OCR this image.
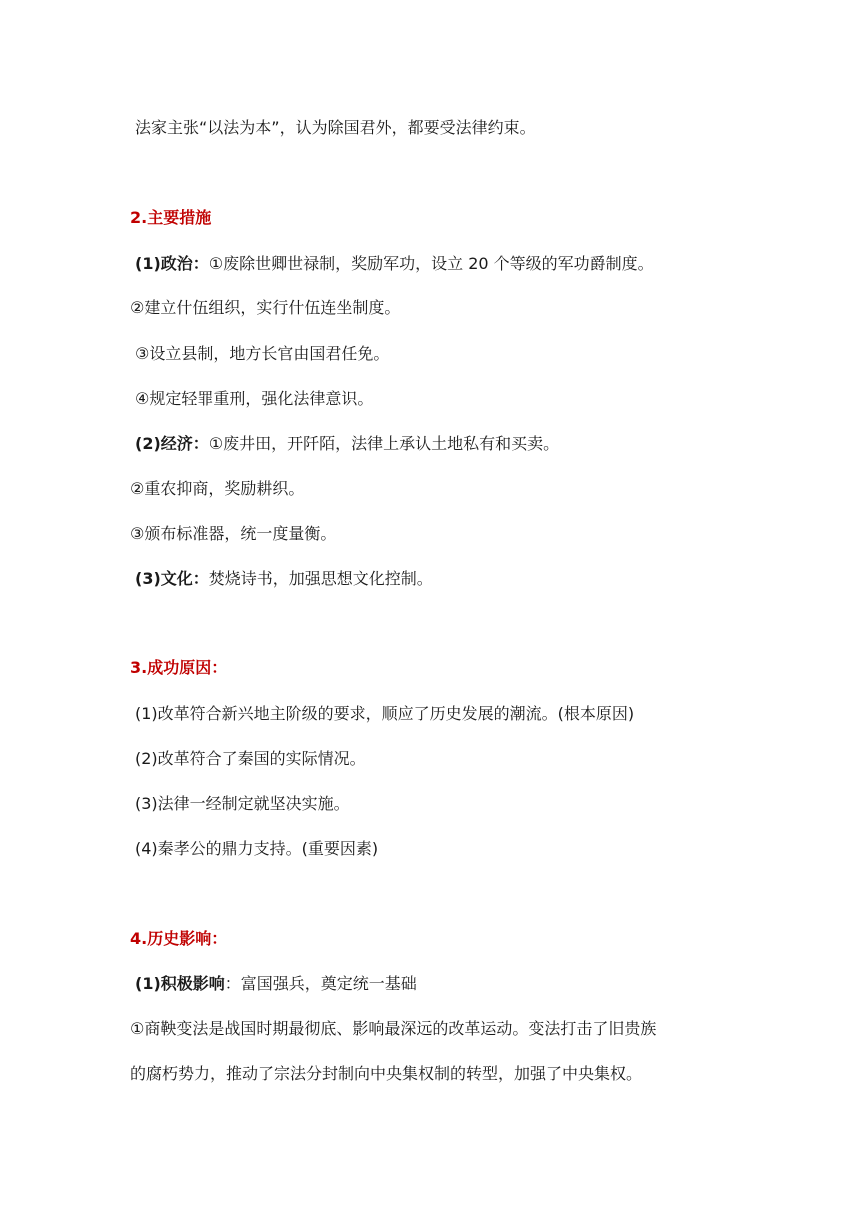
法家主张“以法为本”，认为除国君外，都要受法律约束。
2.主要措施
(1)政治：①废除世卿世禄制，奖励军功，设立 20 个等级的军功爵制度。
②建立什伍组织，实行什伍连坐制度。
③设立县制，地方长官由国君任免。
④规定轻罪重刑，强化法律意识。
(2)经济：①废井田，开阡陌，法律上承认土地私有和买卖。
②重农抑商，奖励耕织。
③颁布标准器，统一度量衡。
(3)文化：焚烧诗书，加强思想文化控制。
3.成功原因：
(1)改革符合新兴地主阶级的要求，顺应了历史发展的潮流。(根本原因)
(2)改革符合了秦国的实际情况。
(3)法律一经制定就坚决实施。
(4)秦孝公的鼎力支持。(重要因素)
4.历史影响：
(1)积极影响：富国强兵，奠定统一基础
①商鞅变法是战国时期最彻底、影响最深远的改革运动。变法打击了旧贵族
的腐朽势力，推动了宗法分封制向中央集权制的转型，加强了中央集权。
